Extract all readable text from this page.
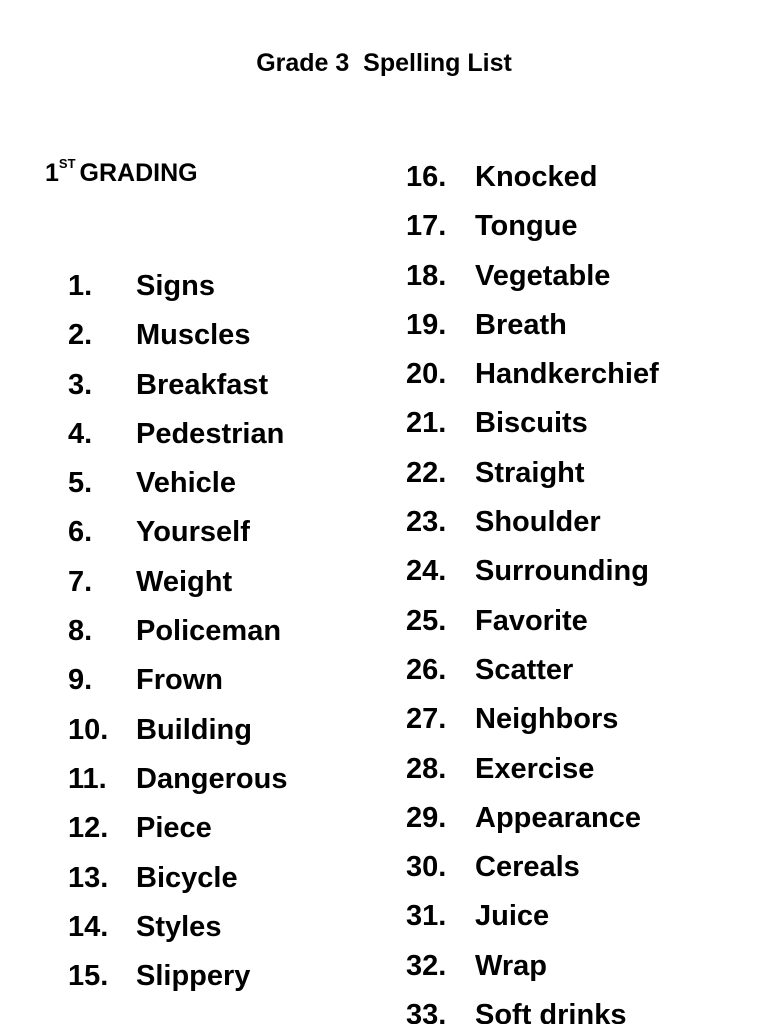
Grade 3  Spelling List
1ST GRADING
1. Signs
2. Muscles
3. Breakfast
4. Pedestrian
5. Vehicle
6. Yourself
7. Weight
8. Policeman
9. Frown
10. Building
11. Dangerous
12. Piece
13. Bicycle
14. Styles
15. Slippery
16. Knocked
17. Tongue
18. Vegetable
19. Breath
20. Handkerchief
21. Biscuits
22. Straight
23. Shoulder
24. Surrounding
25. Favorite
26. Scatter
27. Neighbors
28. Exercise
29. Appearance
30. Cereals
31. Juice
32. Wrap
33. Soft drinks
